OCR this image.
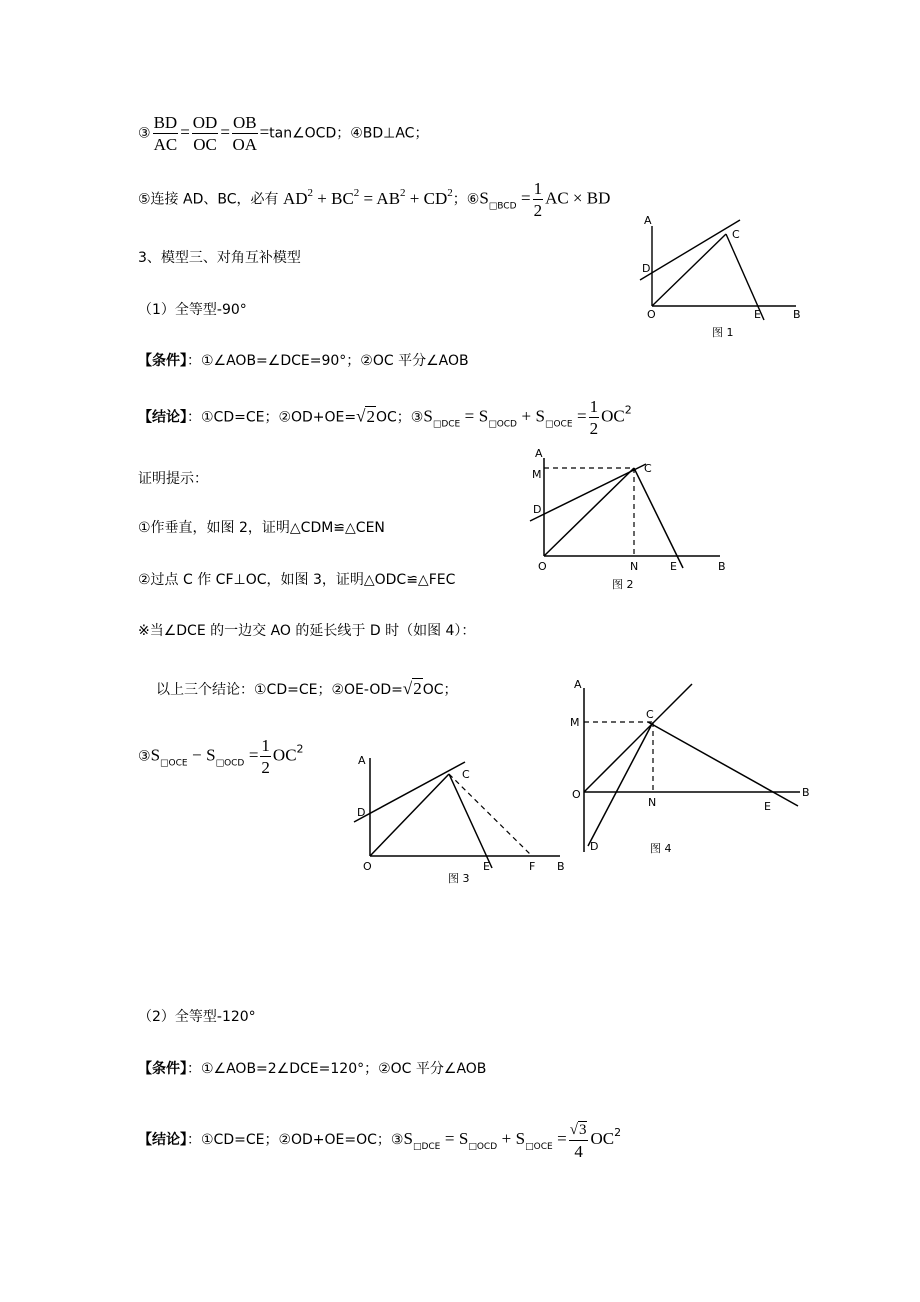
③ $\frac{BD}{AC} = \frac{OD}{OC} = \frac{OB}{OA}$ =tan∠OCD；④BD⊥AC；
⑤连接 AD、BC，必有 $AD^2 + BC^2 = AB^2 + CD^2$；$⑥S_{□BCD} = \frac{1}{2}$ AC × BD
3、模型三、对角互补模型
（1）全等型-90°
【条件】：①∠AOB=∠DCE=90°；②OC 平分∠AOB
【结论】：①CD=CE；②OD+OE=√2OC；$③S_{□DCE} = S_{□OCD} + S_{□OCE} = \frac{1}{2} OC^2$
证明提示：
①作垂直，如图 2，证明△CDM≌△CEN
②过点 C 作 CF⊥OC，如图 3，证明△ODC≌△FEC
※当∠DCE 的一边交 AO 的延长线于 D 时（如图 4）：
以上三个结论：①CD=CE；②OE-OD=√2OC；
$③S_{□OCE} - S_{□OCD} = \frac{1}{2} OC^2$
（2）全等型-120°
【条件】：①∠AOB=2∠DCE=120°；②OC 平分∠AOB
【结论】：①CD=CE；②OD+OE=OC；$③S_{□DCE} = S_{□OCD} + S_{□OCE} = \frac{√3}{4} OC^2$
A
D
C
O	E	B
图 1
A
M
D
C
O	N	E	B
图 2
A
D
C
O	E	F B
图 3
A
M
C
O
N	E
B
D	图 4
